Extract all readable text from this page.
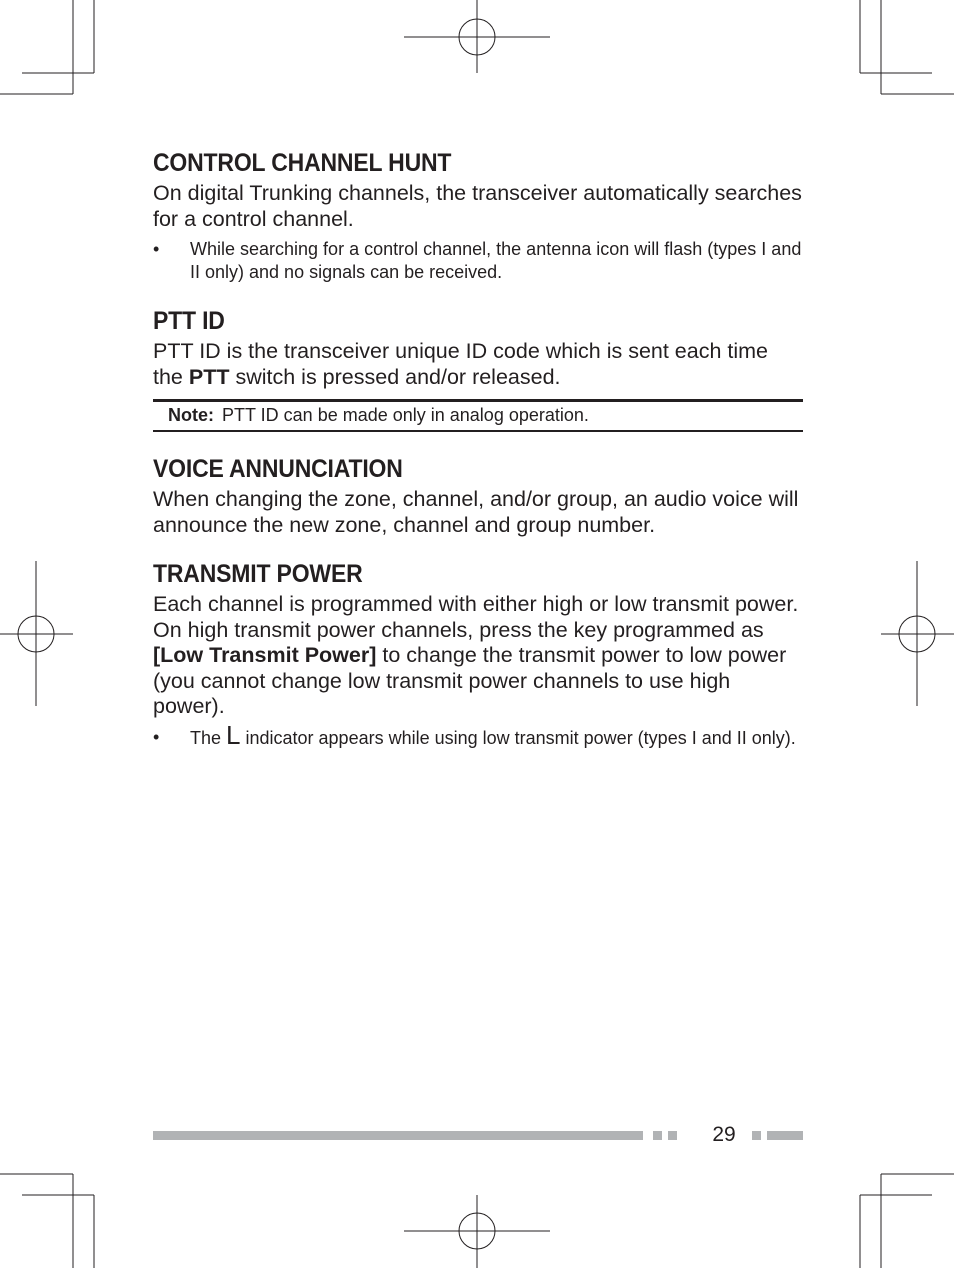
CONTROL CHANNEL HUNT

On digital Trunking channels, the transceiver automatically searches for a control channel.

• While searching for a control channel, the antenna icon will flash (types I and II only) and no signals can be received.
PTT ID

PTT ID is the transceiver unique ID code which is sent each time the PTT switch is pressed and/or released.

Note: PTT ID can be made only in analog operation.
VOICE ANNUNCIATION

When changing the zone, channel, and/or group, an audio voice will announce the new zone, channel and group number.

TRANSMIT POWER

Each channel is programmed with either high or low transmit power. On high transmit power channels, press the key programmed as [Low Transmit Power] to change the transmit power to low power (you cannot change low transmit power channels to use high power).

• The L indicator appears while using low transmit power (types I and II only).
29
